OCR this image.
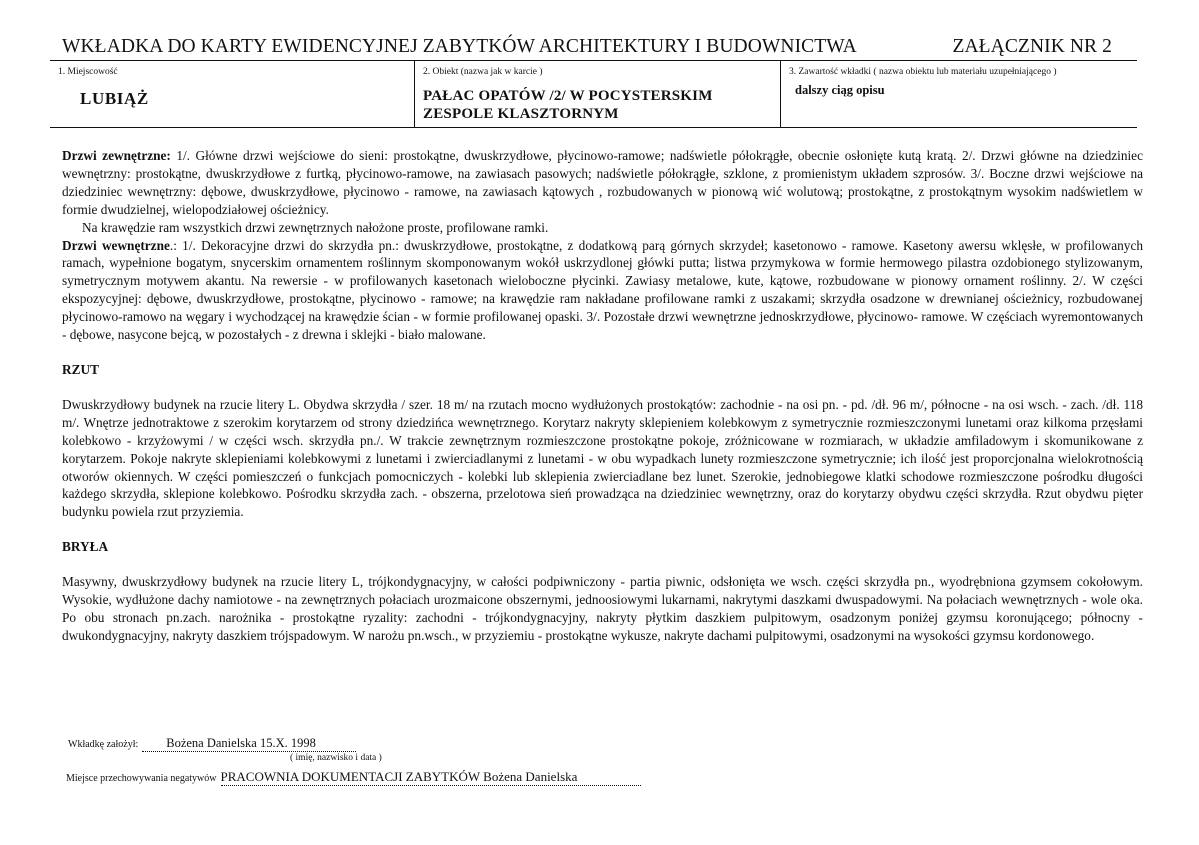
WKŁADKA DO KARTY EWIDENCYJNEJ ZABYTKÓW ARCHITEKTURY I BUDOWNICTWA	ZAŁĄCZNIK NR 2
1. Miejscowość
LUBIĄŻ
2. Obiekt (nazwa jak w karcie )
PAŁAC OPATÓW /2/ W POCYSTERSKIM
ZESPOLE KLASZTORNYM
3. Zawartość wkładki ( nazwa obiektu lub materiału uzupełniającego )
dalszy ciąg opisu

Drzwi zewnętrzne: 1/. Główne drzwi wejściowe do sieni: prostokątne, dwuskrzydłowe, płycinowo-ramowe; nadświetle półokrągłe, obecnie osłonięte kutą kratą. 2/. Drzwi główne na dziedziniec wewnętrzny: prostokątne, dwuskrzydłowe z furtką, płycinowo-ramowe, na zawiasach pasowych; nadświetle półokrągłe, szklone, z promienistym układem szprosów. 3/. Boczne drzwi wejściowe na dziedziniec wewnętrzny: dębowe, dwuskrzydłowe, płycinowo - ramowe, na zawiasach kątowych , rozbudowanych w pionową wić wolutową; prostokątne, z prostokątnym wysokim nadświetlem w formie dwudzielnej, wielopodziałowej ościeżnicy.

Na krawędzie ram wszystkich drzwi zewnętrznych nałożone proste, profilowane ramki.

Drzwi wewnętrzne.: 1/. Dekoracyjne drzwi do skrzydła pn.: dwuskrzydłowe, prostokątne, z dodatkową parą górnych skrzydeł; kasetonowo - ramowe. Kasetony awersu wklęsłe, w profilowanych ramach, wypełnione bogatym, snycerskim ornamentem roślinnym skomponowanym wokół uskrzydlonej główki putta; listwa przymykowa w formie hermowego pilastra ozdobionego stylizowanym, symetrycznym motywem akantu. Na rewersie - w profilowanych kasetonach wieloboczne płycinki. Zawiasy metalowe, kute, kątowe, rozbudowane w pionowy ornament roślinny. 2/. W części ekspozycyjnej: dębowe, dwuskrzydłowe, prostokątne, płycinowo - ramowe; na krawędzie ram nakładane profilowane ramki z uszakami; skrzydła osadzone w drewnianej ościeżnicy, rozbudowanej płycinowo-ramowo na węgary i wychodzącej na krawędzie ścian - w formie profilowanej opaski. 3/. Pozostałe drzwi wewnętrzne jednoskrzydłowe, płycinowo- ramowe. W częściach wyremontowanych - dębowe, nasycone bejcą, w pozostałych - z drewna i sklejki - biało malowane.

RZUT

Dwuskrzydłowy budynek na rzucie litery L. Obydwa skrzydła / szer. 18 m/ na rzutach mocno wydłużonych prostokątów: zachodnie - na osi pn. - pd. /dł. 96 m/, północne - na osi wsch. - zach. /dł. 118 m/. Wnętrze jednotraktowe z szerokim korytarzem od strony dziedzińca wewnętrznego. Korytarz nakryty sklepieniem kolebkowym z symetrycznie rozmieszczonymi lunetami oraz kilkoma przęsłami kolebkowo - krzyżowymi / w części wsch. skrzydła pn./. W trakcie zewnętrznym rozmieszczone prostokątne pokoje, zróżnicowane w rozmiarach, w układzie amfiladowym i skomunikowane z korytarzem. Pokoje nakryte sklepieniami kolebkowymi z lunetami i zwierciadlanymi z lunetami - w obu wypadkach lunety rozmieszczone symetrycznie; ich ilość jest proporcjonalna wielokrotnością otworów okiennych. W części pomieszczeń o funkcjach pomocniczych - kolebki lub sklepienia zwierciadlane bez lunet. Szerokie, jednobiegowe klatki schodowe rozmieszczone pośrodku długości każdego skrzydła, sklepione kolebkowo. Pośrodku skrzydła zach. - obszerna, przelotowa sień prowadząca na dziedziniec wewnętrzny, oraz do korytarzy obydwu części skrzydła. Rzut obydwu pięter budynku powiela rzut przyziemia.

BRYŁA

Masywny, dwuskrzydłowy budynek na rzucie litery L, trójkondygnacyjny, w całości podpiwniczony - partia piwnic, odsłonięta we wsch. części skrzydła pn., wyodrębniona gzymsem cokołowym. Wysokie, wydłużone dachy namiotowe - na zewnętrznych połaciach urozmaicone obszernymi, jednoosiowymi lukarnami, nakrytymi daszkami dwuspadowymi. Na połaciach wewnętrznych - wole oka. Po obu stronach pn.zach. narożnika - prostokątne ryzality: zachodni - trójkondygnacyjny, nakryty płytkim daszkiem pulpitowym, osadzonym poniżej gzymsu koronującego; północny - dwukondygnacyjny, nakryty daszkiem trójspadowym. W narożu pn.wsch., w przyziemiu - prostokątne wykusze, nakryte dachami pulpitowymi, osadzonymi na wysokości gzymsu kordonowego.

Wkładkę założył: Bożena Danielska 15.X. 1998
( imię, nazwisko i data )
Miejsce przechowywania negatywów PRACOWNIA DOKUMENTACJI ZABYTKÓW Bożena Danielska
